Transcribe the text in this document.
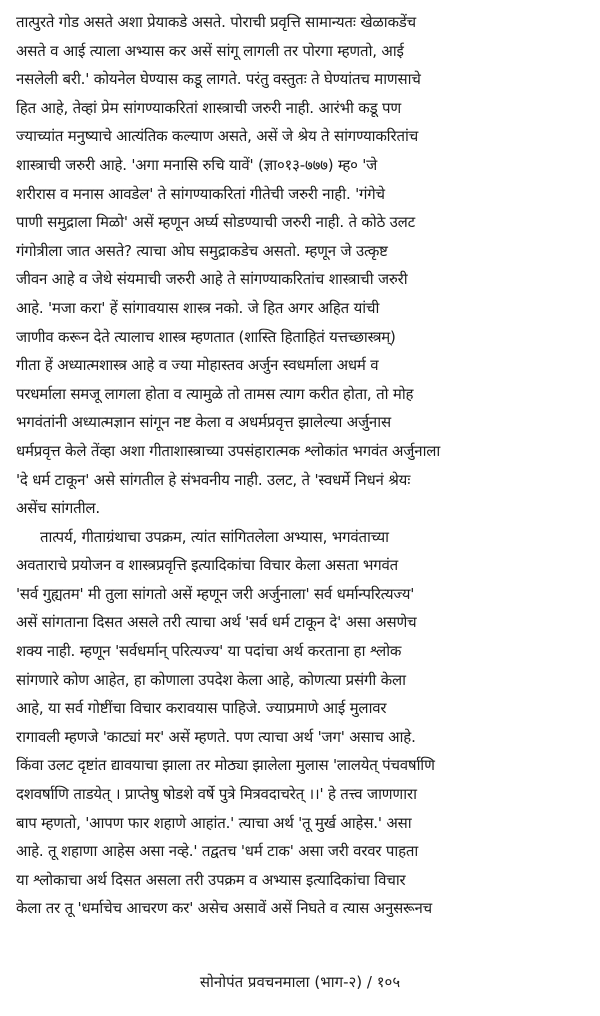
तात्पुरते गोड असते अशा प्रेयाकडे असते. पोराची प्रवृत्ति सामान्यतः खेळाकडेंच
असते व आई त्याला अभ्यास कर असें सांगू लागली तर पोरगा म्हणतो, आई
नसलेली बरी.' कोयनेल घेण्यास कडू लागते. परंतु वस्तुतः ते घेण्यांतच माणसाचे
हित आहे, तेव्हां प्रेम सांगण्याकरितां शास्त्राची जरुरी नाही. आरंभी कडू पण
ज्याच्यांत मनुष्याचे आत्यंतिक कल्याण असते, असें जे श्रेय ते सांगण्याकरितांच
शास्त्राची जरुरी आहे. 'अगा मनासि रुचि यावें' (ज्ञा०१३-७७७) म्ह० 'जे
शरीरास व मनास आवडेल' ते सांगण्याकरितां गीतेची जरुरी नाही. 'गंगेचे
पाणी समुद्राला मिळो' असें म्हणून अर्घ्य सोडण्याची जरुरी नाही. ते कोठे उलट
गंगोत्रीला जात असते? त्याचा ओघ समुद्राकडेच असतो. म्हणून जे उत्कृष्ट
जीवन आहे व जेथे संयमाची जरुरी आहे ते सांगण्याकरितांच शास्त्राची जरुरी
आहे. 'मजा करा' हें सांगावयास शास्त्र नको. जे हित अगर अहित यांची
जाणीव करून देते त्यालाच शास्त्र म्हणतात (शास्ति हिताहितं यत्तच्छास्त्रम्)
गीता हें अध्यात्मशास्त्र आहे व ज्या मोहास्तव अर्जुन स्वधर्माला अधर्म व
परधर्माला समजू लागला होता व त्यामुळे तो तामस त्याग करीत होता, तो मोह
भगवंतांनी अध्यात्मज्ञान सांगून नष्ट केला व अधर्मप्रवृत्त झालेल्या अर्जुनास
धर्मप्रवृत्त केले तेंव्हा अशा गीताशास्त्राच्या उपसंहारात्मक श्लोकांत भगवंत अर्जुनाला
'दे धर्म टाकून' असे सांगतील हे संभवनीय नाही. उलट, ते 'स्वधर्मे निधनं श्रेयः
असेंच सांगतील.
तात्पर्य, गीताग्रंथाचा उपक्रम, त्यांत सांगितलेला अभ्यास, भगवंताच्या
अवताराचे प्रयोजन व शास्त्रप्रवृत्ति इत्यादिकांचा विचार केला असता भगवंत
'सर्व गुह्यतम' मी तुला सांगतो असें म्हणून जरी अर्जुनाला' सर्व धर्मान्परित्यज्य'
असें सांगताना दिसत असले तरी त्याचा अर्थ 'सर्व धर्म टाकून दे' असा असणेच
शक्य नाही. म्हणून 'सर्वधर्मान् परित्यज्य' या पदांचा अर्थ करताना हा श्लोक
सांगणारे कोण आहेत, हा कोणाला उपदेश केला आहे, कोणत्या प्रसंगी केला
आहे, या सर्व गोष्टींचा विचार करावयास पाहिजे. ज्याप्रमाणे आई मुलावर
रागावली म्हणजे 'काट्यां मर' असें म्हणते. पण त्याचा अर्थ 'जग' असाच आहे.
किंवा उलट दृष्टांत द्यावयाचा झाला तर मोठ्या झालेला मुलास 'लालयेत् पंचवर्षाणि
दशवर्षाणि ताडयेत् । प्राप्तेषु षोडशे वर्षे पुत्रे मित्रवदाचरेत् ।।' हे तत्त्व जाणणारा
बाप म्हणतो, 'आपण फार शहाणे आहांत.' त्याचा अर्थ 'तू मुर्ख आहेस.' असा
आहे. तू शहाणा आहेस असा नव्हे.' तद्वतच 'धर्म टाक' असा जरी वरवर पाहता
या श्लोकाचा अर्थ दिसत असला तरी उपक्रम व अभ्यास इत्यादिकांचा विचार
केला तर तू 'धर्माचेच आचरण कर' असेच असावें असें निघते व त्यास अनुसरूनच
सोनोपंत प्रवचनमाला (भाग-२) / १०५
